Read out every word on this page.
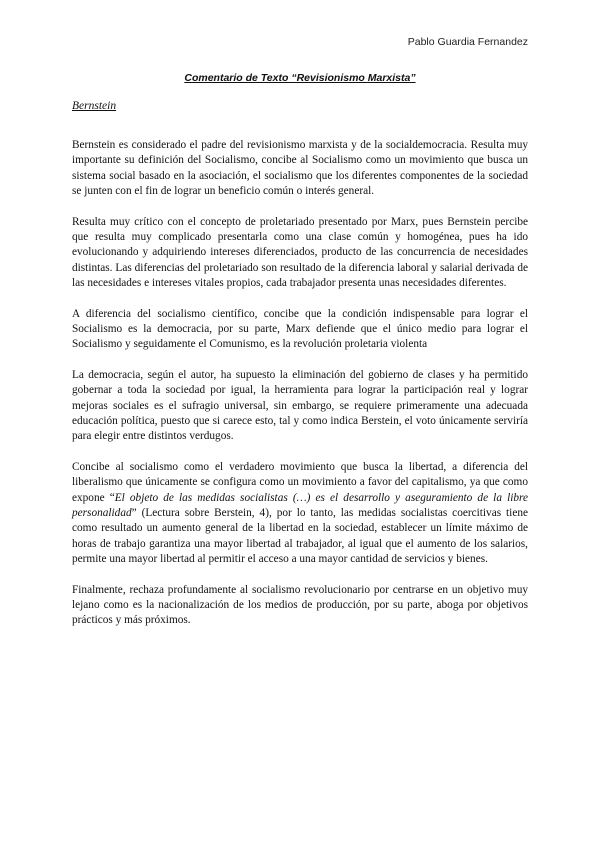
Pablo Guardia Fernandez
Comentario de Texto “Revisionismo Marxista”
Bernstein

Bernstein es considerado el padre del revisionismo marxista y de la socialdemocracia. Resulta muy importante su definición del Socialismo, concibe al Socialismo como un movimiento que busca un sistema social basado en la asociación, el socialismo que los diferentes componentes de la sociedad se junten con el fin de lograr un beneficio común o interés general.

Resulta muy crítico con el concepto de proletariado presentado por Marx, pues Bernstein percibe que resulta muy complicado presentarla como una clase común y homogénea, pues ha ido evolucionando y adquiriendo intereses diferenciados, producto de las concurrencia de necesidades distintas. Las diferencias del proletariado son resultado de la diferencia laboral y salarial derivada de las necesidades e intereses vitales propios, cada trabajador presenta unas necesidades diferentes.

A diferencia del socialismo científico, concibe que la condición indispensable para lograr el Socialismo es la democracia, por su parte, Marx defiende que el único medio para lograr el Socialismo y seguidamente el Comunismo, es la revolución proletaria violenta

La democracia, según el autor, ha supuesto la eliminación del gobierno de clases y ha permitido gobernar a toda la sociedad por igual, la herramienta para lograr la participación real y lograr mejoras sociales es el sufragio universal, sin embargo, se requiere primeramente una adecuada educación política, puesto que si carece esto, tal y como indica Berstein, el voto únicamente serviría para elegir entre distintos verdugos.

Concibe al socialismo como el verdadero movimiento que busca la libertad, a diferencia del liberalismo que únicamente se configura como un movimiento a favor del capitalismo, ya que como expone “El objeto de las medidas socialistas (…) es el desarrollo y aseguramiento de la libre personalidad” (Lectura sobre Berstein, 4), por lo tanto, las medidas socialistas coercitivas tiene como resultado un aumento general de la libertad en la sociedad, establecer un límite máximo de horas de trabajo garantiza una mayor libertad al trabajador, al igual que el aumento de los salarios, permite una mayor libertad al permitir el acceso a una mayor cantidad de servicios y bienes.

Finalmente, rechaza profundamente al socialismo revolucionario por centrarse en un objetivo muy lejano como es la nacionalización de los medios de producción, por su parte, aboga por objetivos prácticos y más próximos.
